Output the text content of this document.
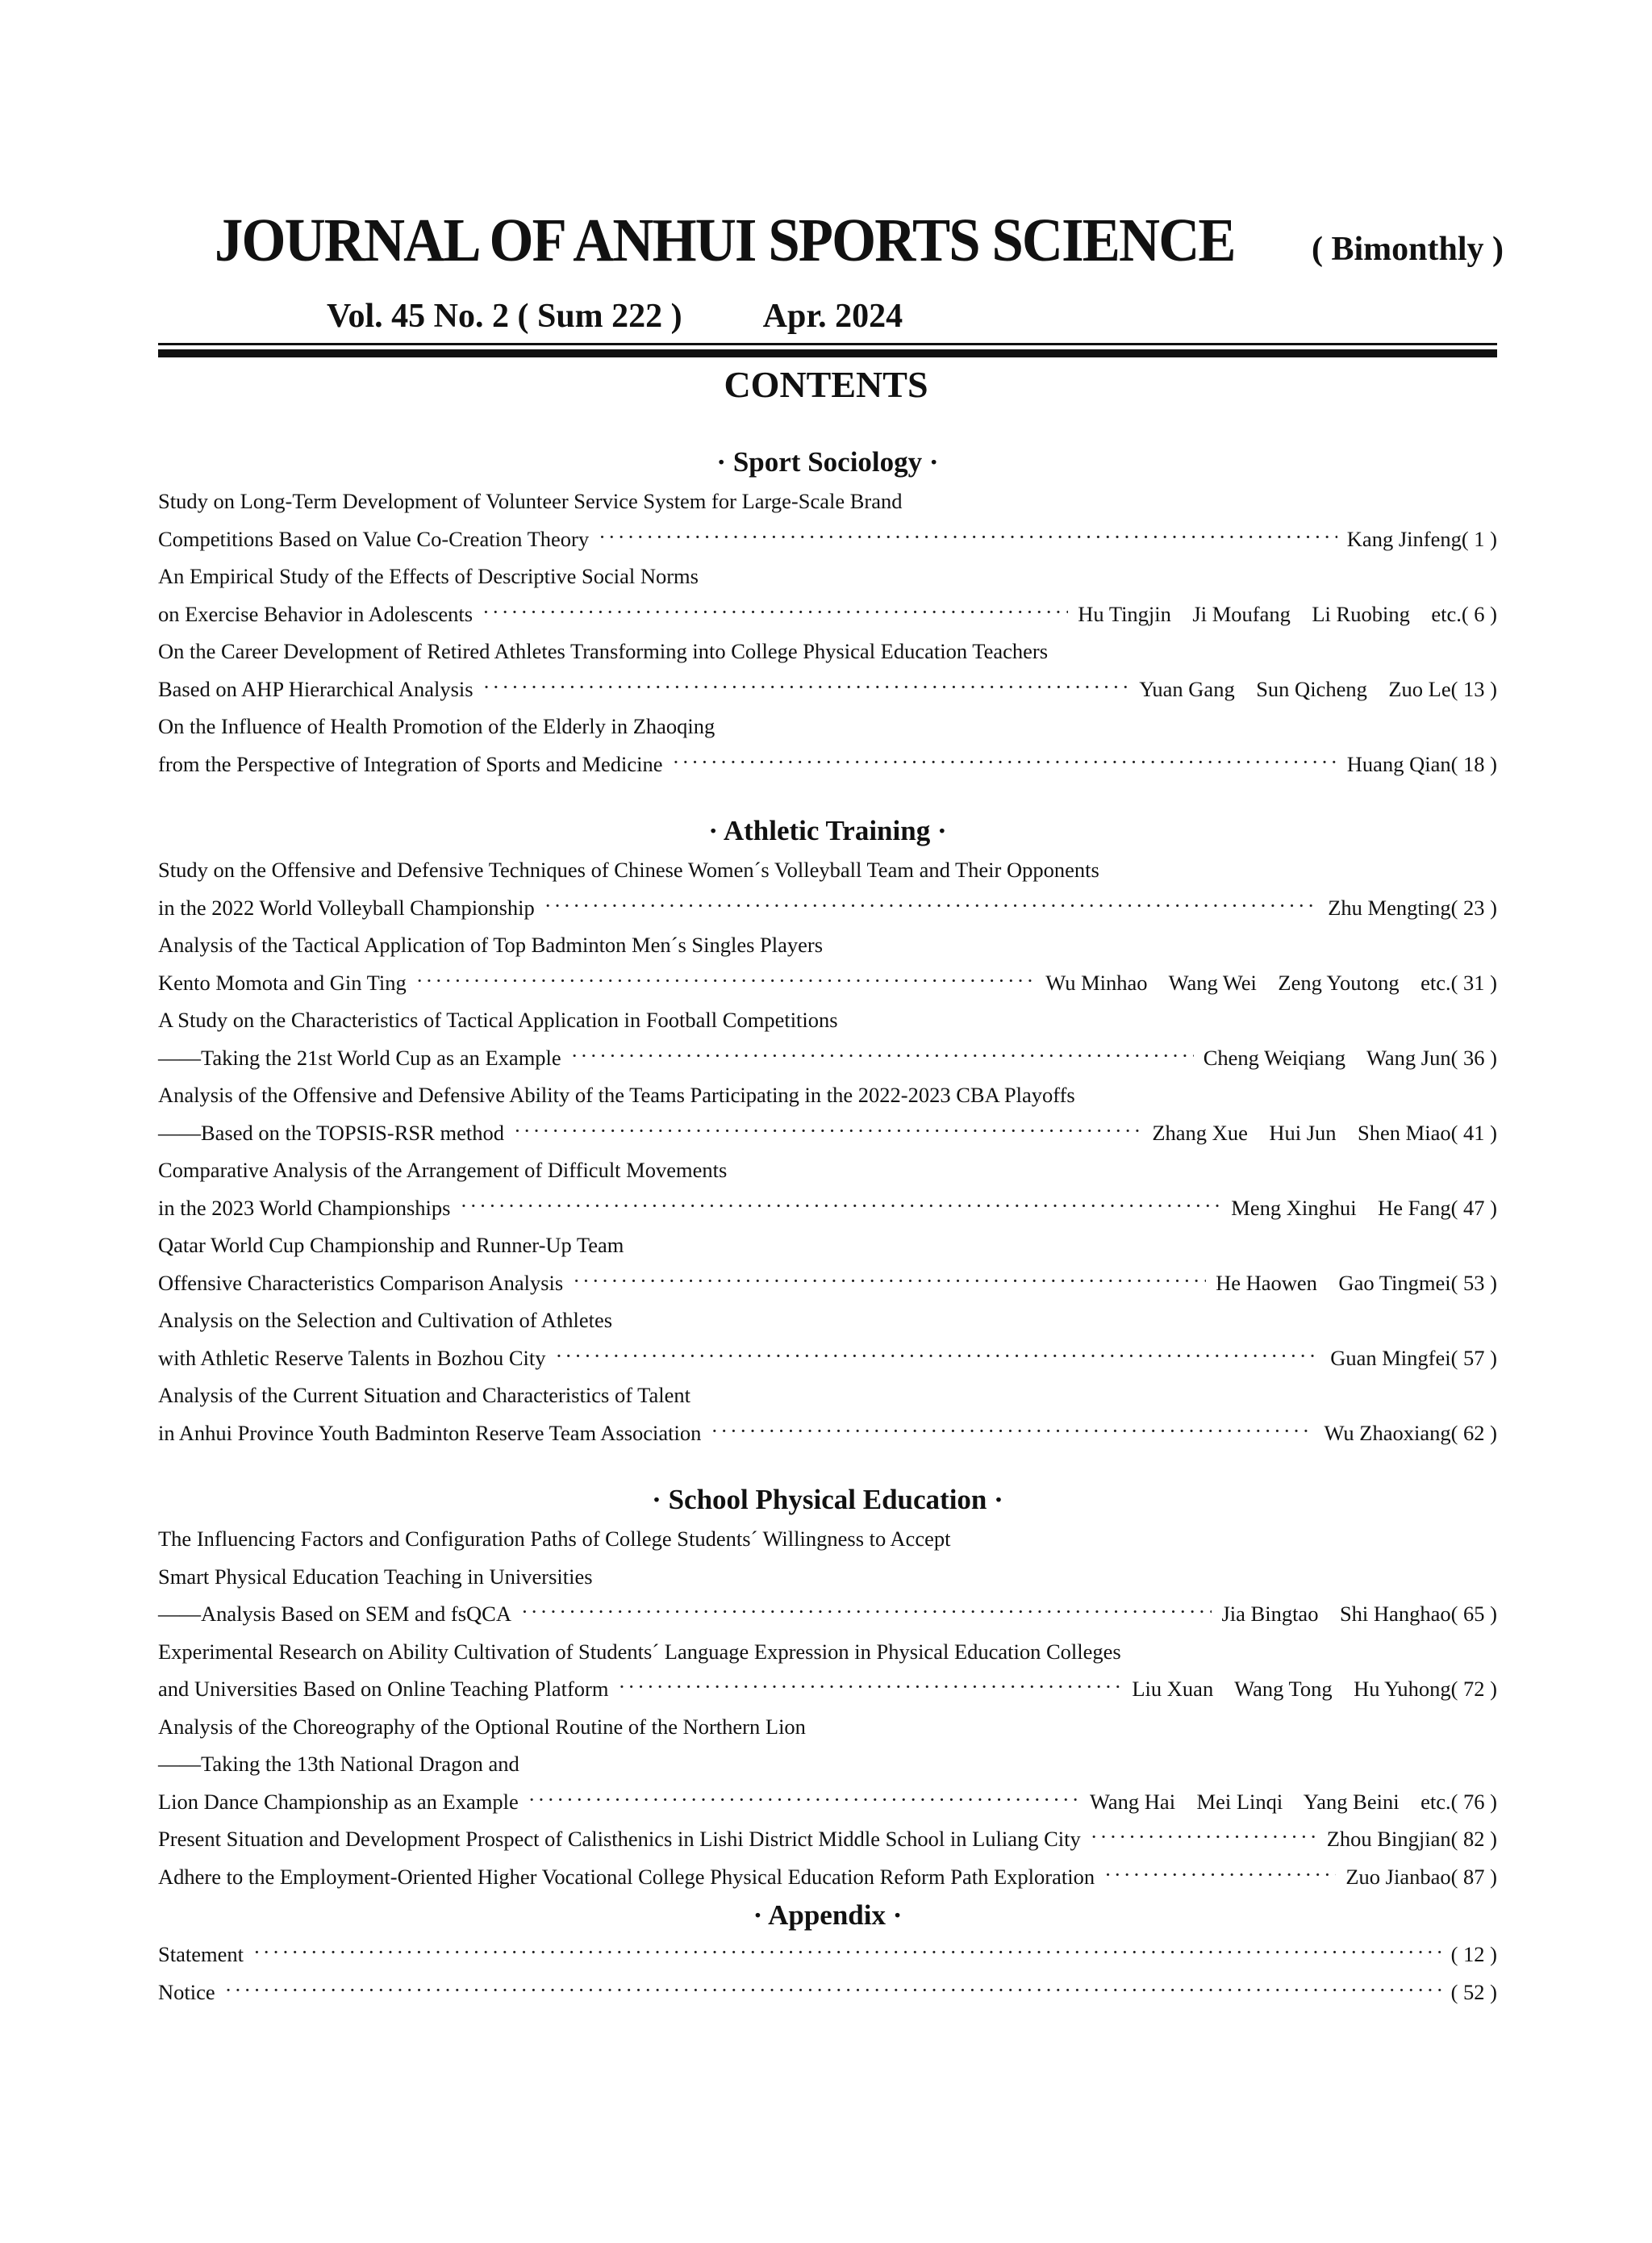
JOURNAL OF ANHUI SPORTS SCIENCE ( Bimonthly )
Vol. 45 No. 2 ( Sum 222 ) Apr. 2024
CONTENTS
· Sport Sociology ·
Study on Long-Term Development of Volunteer Service System for Large-Scale Brand
Competitions Based on Value Co-Creation Theory ·····	Kang Jinfeng( 1 )
An Empirical Study of the Effects of Descriptive Social Norms
on Exercise Behavior in Adolescents ·····	Hu Tingjin    Ji Moufang    Li Ruobing    etc.( 6 )
On the Career Development of Retired Athletes Transforming into College Physical Education Teachers
Based on AHP Hierarchical Analysis ·····	Yuan Gang    Sun Qicheng    Zuo Le( 13 )
On the Influence of Health Promotion of the Elderly in Zhaoqing
from the Perspective of Integration of Sports and Medicine ·····	Huang Qian( 18 )
· Athletic Training ·
Study on the Offensive and Defensive Techniques of Chinese Women´s Volleyball Team and Their Opponents
in the 2022 World Volleyball Championship ·····	Zhu Mengting( 23 )
Analysis of the Tactical Application of Top Badminton Men´s Singles Players
Kento Momota and Gin Ting ·····	Wu Minhao    Wang Wei    Zeng Youtong    etc.( 31 )
A Study on the Characteristics of Tactical Application in Football Competitions
——Taking the 21st World Cup as an Example ·····	Cheng Weiqiang    Wang Jun( 36 )
Analysis of the Offensive and Defensive Ability of the Teams Participating in the 2022-2023 CBA Playoffs
——Based on the TOPSIS-RSR method ·····	Zhang Xue    Hui Jun    Shen Miao( 41 )
Comparative Analysis of the Arrangement of Difficult Movements
in the 2023 World Championships ·····	Meng Xinghui    He Fang( 47 )
Qatar World Cup Championship and Runner-Up Team
Offensive Characteristics Comparison Analysis ·····	He Haowen    Gao Tingmei( 53 )
Analysis on the Selection and Cultivation of Athletes
with Athletic Reserve Talents in Bozhou City ·····	Guan Mingfei( 57 )
Analysis of the Current Situation and Characteristics of Talent
in Anhui Province Youth Badminton Reserve Team Association ·····	Wu Zhaoxiang( 62 )
· School Physical Education ·
The Influencing Factors and Configuration Paths of College Students´ Willingness to Accept
Smart Physical Education Teaching in Universities
——Analysis Based on SEM and fsQCA ·····	Jia Bingtao    Shi Hanghao( 65 )
Experimental Research on Ability Cultivation of Students´ Language Expression in Physical Education Colleges
and Universities Based on Online Teaching Platform ·····	Liu Xuan    Wang Tong    Hu Yuhong( 72 )
Analysis of the Choreography of the Optional Routine of the Northern Lion
——Taking the 13th National Dragon and
Lion Dance Championship as an Example ·····	Wang Hai    Mei Linqi    Yang Beini    etc.( 76 )
Present Situation and Development Prospect of Calisthenics in Lishi District Middle School in Luliang City ·····	Zhou Bingjian( 82 )
Adhere to the Employment-Oriented Higher Vocational College Physical Education Reform Path Exploration ·····	Zuo Jianbao( 87 )
· Appendix ·
Statement ·····	( 12 )
Notice ·····	( 52 )
